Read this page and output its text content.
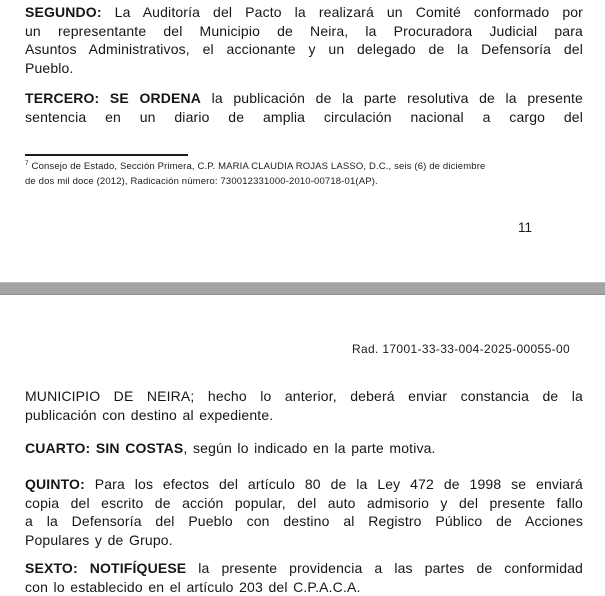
SEGUNDO: La Auditoría del Pacto la realizará un Comité conformado por
un representante del Municipio de Neira, la Procuradora Judicial para
Asuntos Administrativos, el accionante y un delegado de la Defensoría del
Pueblo.
TERCERO: SE ORDENA la publicación de la parte resolutiva de la presente
sentencia en un diario de amplia circulación nacional a cargo del
$^7$ Consejo de Estado, Sección Primera, C.P. MARIA CLAUDIA ROJAS LASSO, D.C., seis (6) de diciembre
de dos mil doce (2012), Radicación número: 730012331000-2010-00718-01(AP).
11
Rad. 17001-33-33-004-2025-00055-00
MUNICIPIO DE NEIRA; hecho lo anterior, deberá enviar constancia de la
publicación con destino al expediente.
CUARTO: SIN COSTAS, según lo indicado en la parte motiva.
QUINTO: Para los efectos del artículo 80 de la Ley 472 de 1998 se enviará
copia del escrito de acción popular, del auto admisorio y del presente fallo
a la Defensoría del Pueblo con destino al Registro Público de Acciones
Populares y de Grupo.
SEXTO: NOTIFÍQUESE la presente providencia a las partes de conformidad
con lo establecido en el artículo 203 del C.P.A.C.A.
